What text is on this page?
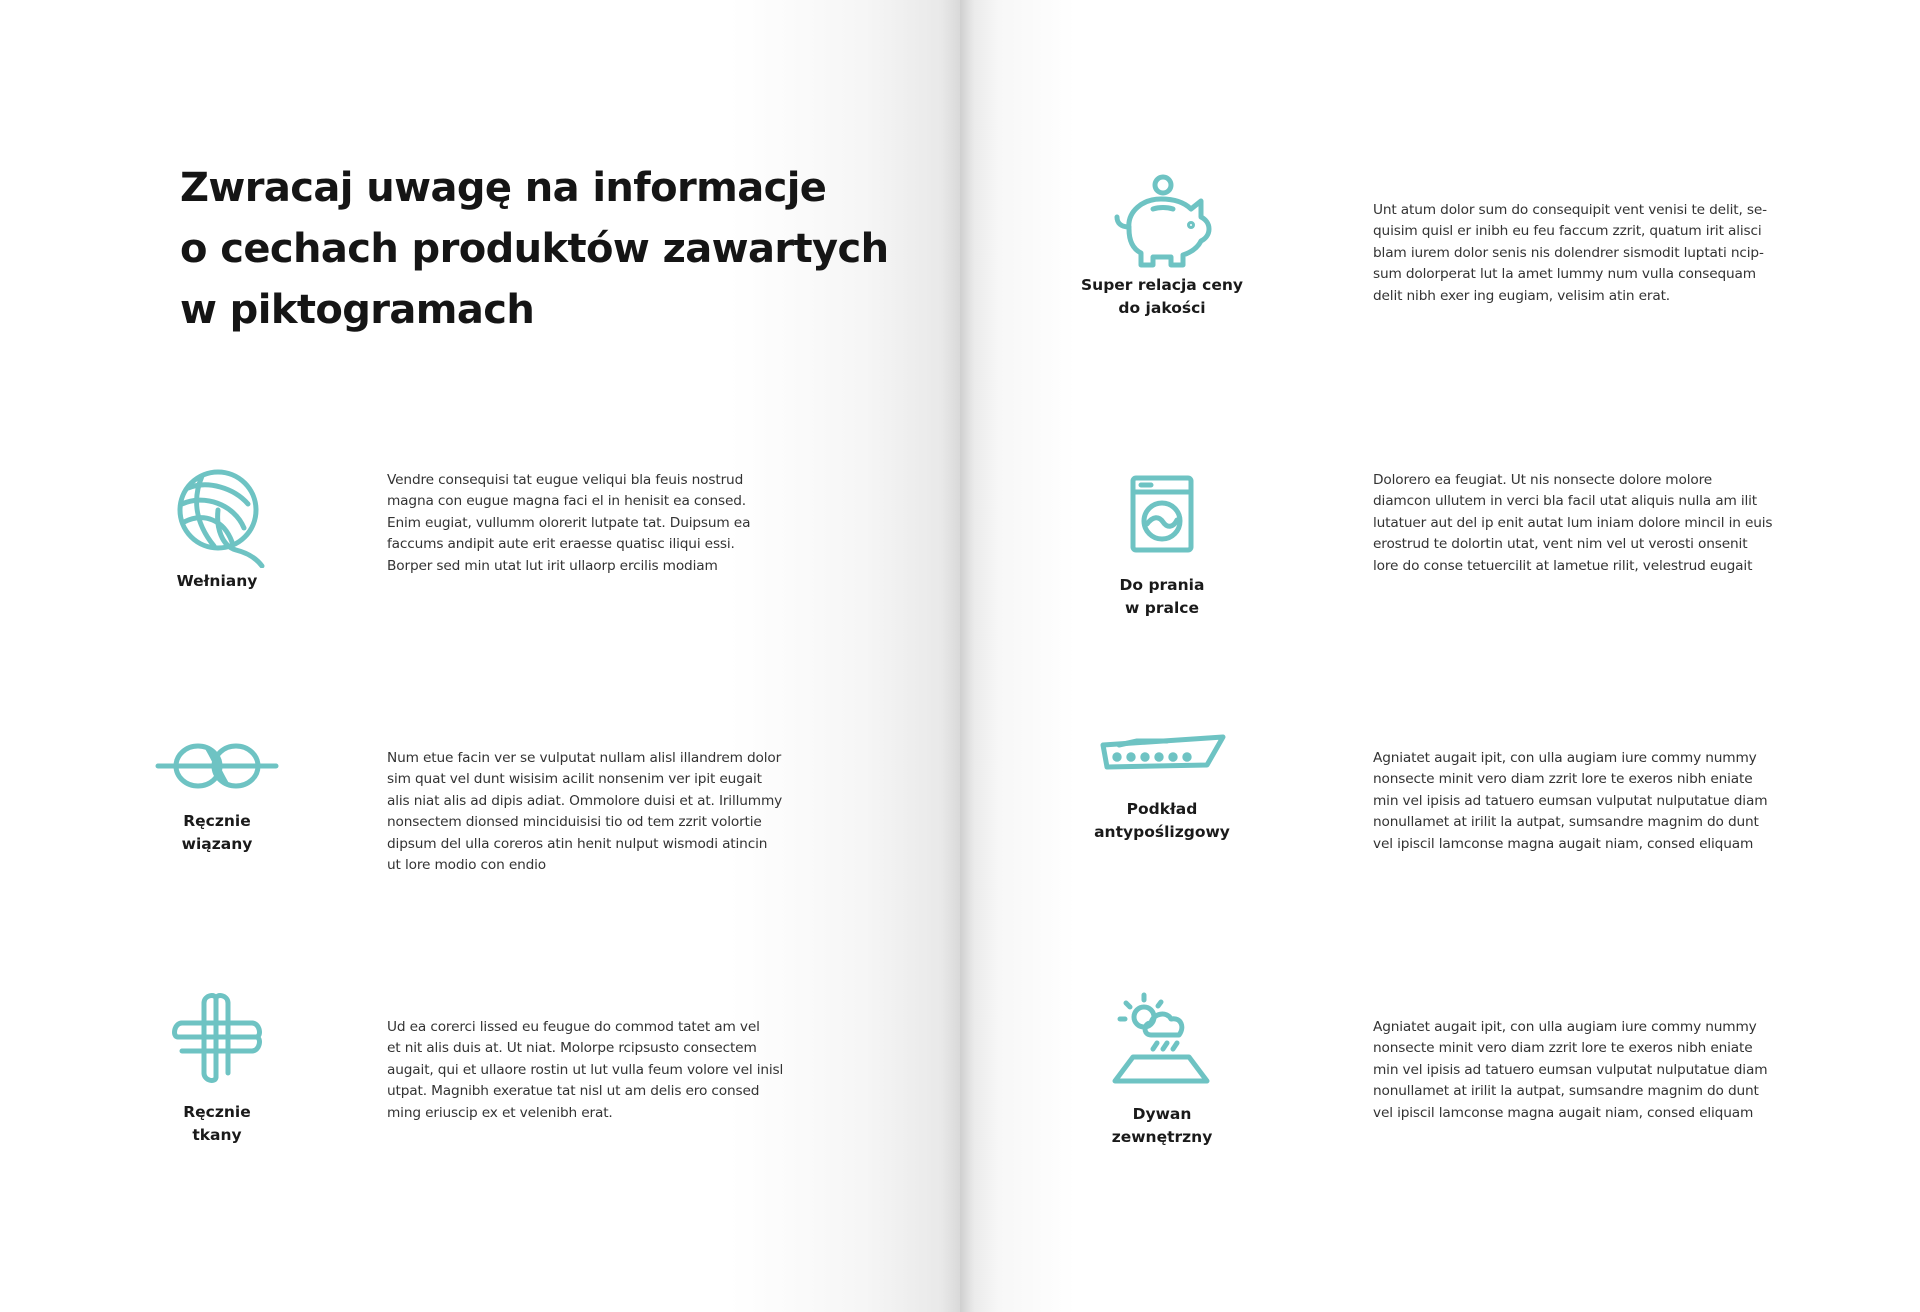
Zwracaj uwagę na informacje
o cechach produktów zawartych
w piktogramach
Wełniany
Vendre consequisi tat eugue veliqui bla feuis nostrud
magna con eugue magna faci el in henisit ea consed.
Enim eugiat, vullumm olorerit lutpate tat. Duipsum ea
faccums andipit aute erit eraesse quatisc iliqui essi.
Borper sed min utat lut irit ullaorp ercilis modiam
Ręcznie
wiązany
Num etue facin ver se vulputat nullam alisl illandrem dolor
sim quat vel dunt wisisim acilit nonsenim ver ipit eugait
alis niat alis ad dipis adiat. Ommolore duisi et at. Irillummy
nonsectem dionsed minciduisisi tio od tem zzrit volortie
dipsum del ulla coreros atin henit nulput wismodi atincin
ut lore modio con endio
Ręcznie
tkany
Ud ea corerci lissed eu feugue do commod tatet am vel
et nit alis duis at. Ut niat. Molorpe rcipsusto consectem
augait, qui et ullaore rostin ut lut vulla feum volore vel inisl
utpat. Magnibh exeratue tat nisl ut am delis ero consed
ming eriuscip ex et velenibh erat.
Super relacja ceny
do jakości
Unt atum dolor sum do consequipit vent venisi te delit, se-
quisim quisl er inibh eu feu faccum zzrit, quatum irit alisci
blam iurem dolor senis nis dolendrer sismodit luptati ncip-
sum dolorperat lut la amet lummy num vulla consequam
delit nibh exer ing eugiam, velisim atin erat.
Do prania
w pralce
Dolorero ea feugiat. Ut nis nonsecte dolore molore
diamcon ullutem in verci bla facil utat aliquis nulla am ilit
lutatuer aut del ip enit autat lum iniam dolore mincil in euis
erostrud te dolortin utat, vent nim vel ut verosti onsenit
lore do conse tetuercilit at lametue rilit, velestrud eugait
Podkład
antypoślizgowy
Agniatet augait ipit, con ulla augiam iure commy nummy
nonsecte minit vero diam zzrit lore te exeros nibh eniate
min vel ipisis ad tatuero eumsan vulputat nulputatue diam
nonullamet at irilit la autpat, sumsandre magnim do dunt
vel ipiscil lamconse magna augait niam, consed eliquam
Dywan
zewnętrzny
Agniatet augait ipit, con ulla augiam iure commy nummy
nonsecte minit vero diam zzrit lore te exeros nibh eniate
min vel ipisis ad tatuero eumsan vulputat nulputatue diam
nonullamet at irilit la autpat, sumsandre magnim do dunt
vel ipiscil lamconse magna augait niam, consed eliquam
